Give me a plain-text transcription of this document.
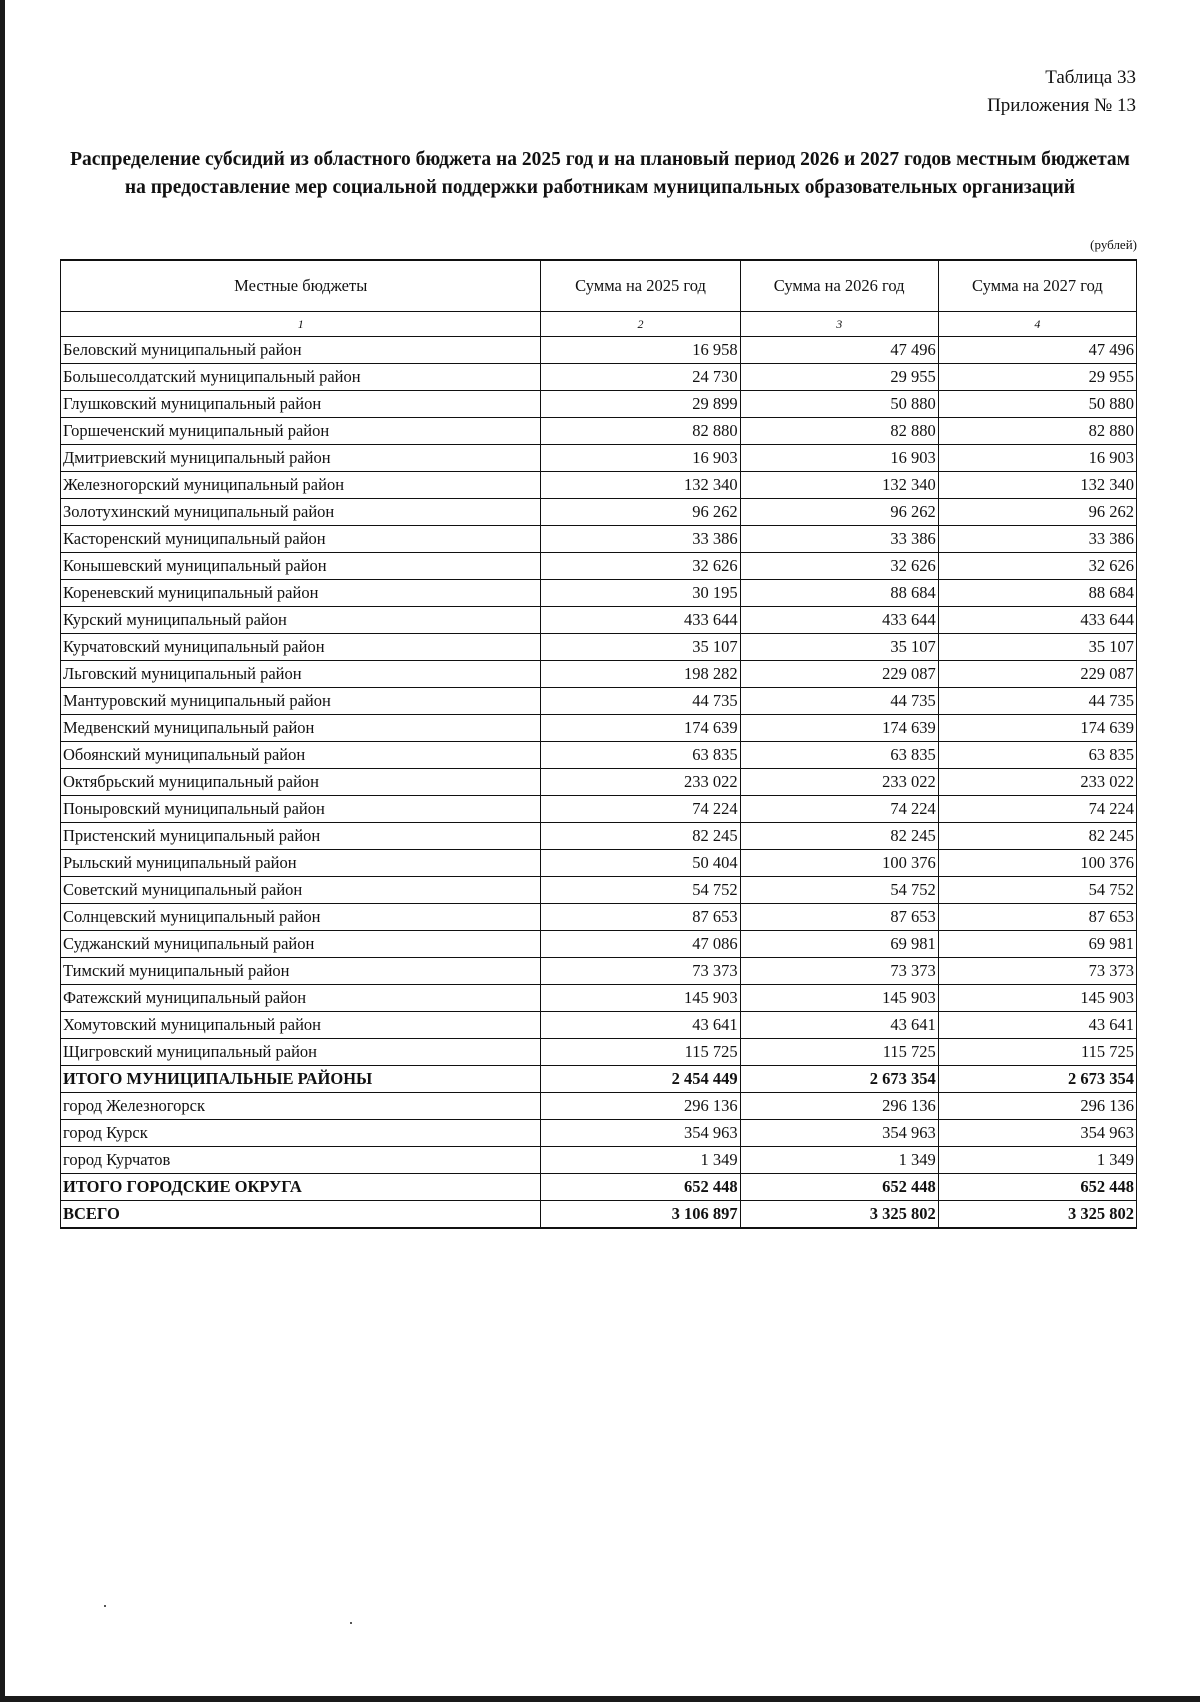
Таблица 33
Приложения № 13
Распределение субсидий из областного бюджета на 2025 год и на плановый период 2026 и 2027 годов местным бюджетам на предоставление мер социальной поддержки работникам муниципальных образовательных организаций
(рублей)
Местные бюджеты	Сумма на 2025 год	Сумма на 2026 год	Сумма на 2027 год
1	2	3	4
Беловский муниципальный район	16 958	47 496	47 496
Большесолдатский муниципальный район	24 730	29 955	29 955
Глушковский муниципальный район	29 899	50 880	50 880
Горшеченский муниципальный район	82 880	82 880	82 880
Дмитриевский муниципальный район	16 903	16 903	16 903
Железногорский муниципальный район	132 340	132 340	132 340
Золотухинский муниципальный район	96 262	96 262	96 262
Касторенский муниципальный район	33 386	33 386	33 386
Конышевский муниципальный район	32 626	32 626	32 626
Кореневский муниципальный район	30 195	88 684	88 684
Курский муниципальный район	433 644	433 644	433 644
Курчатовский муниципальный район	35 107	35 107	35 107
Льговский муниципальный район	198 282	229 087	229 087
Мантуровский муниципальный район	44 735	44 735	44 735
Медвенский муниципальный район	174 639	174 639	174 639
Обоянский муниципальный район	63 835	63 835	63 835
Октябрьский муниципальный район	233 022	233 022	233 022
Поныровский муниципальный район	74 224	74 224	74 224
Пристенский муниципальный район	82 245	82 245	82 245
Рыльский муниципальный район	50 404	100 376	100 376
Советский муниципальный район	54 752	54 752	54 752
Солнцевский муниципальный район	87 653	87 653	87 653
Суджанский муниципальный район	47 086	69 981	69 981
Тимский муниципальный район	73 373	73 373	73 373
Фатежский муниципальный район	145 903	145 903	145 903
Хомутовский муниципальный район	43 641	43 641	43 641
Щигровский муниципальный район	115 725	115 725	115 725
ИТОГО МУНИЦИПАЛЬНЫЕ РАЙОНЫ	2 454 449	2 673 354	2 673 354
город Железногорск	296 136	296 136	296 136
город Курск	354 963	354 963	354 963
город Курчатов	1 349	1 349	1 349
ИТОГО ГОРОДСКИЕ ОКРУГА	652 448	652 448	652 448
ВСЕГО	3 106 897	3 325 802	3 325 802
